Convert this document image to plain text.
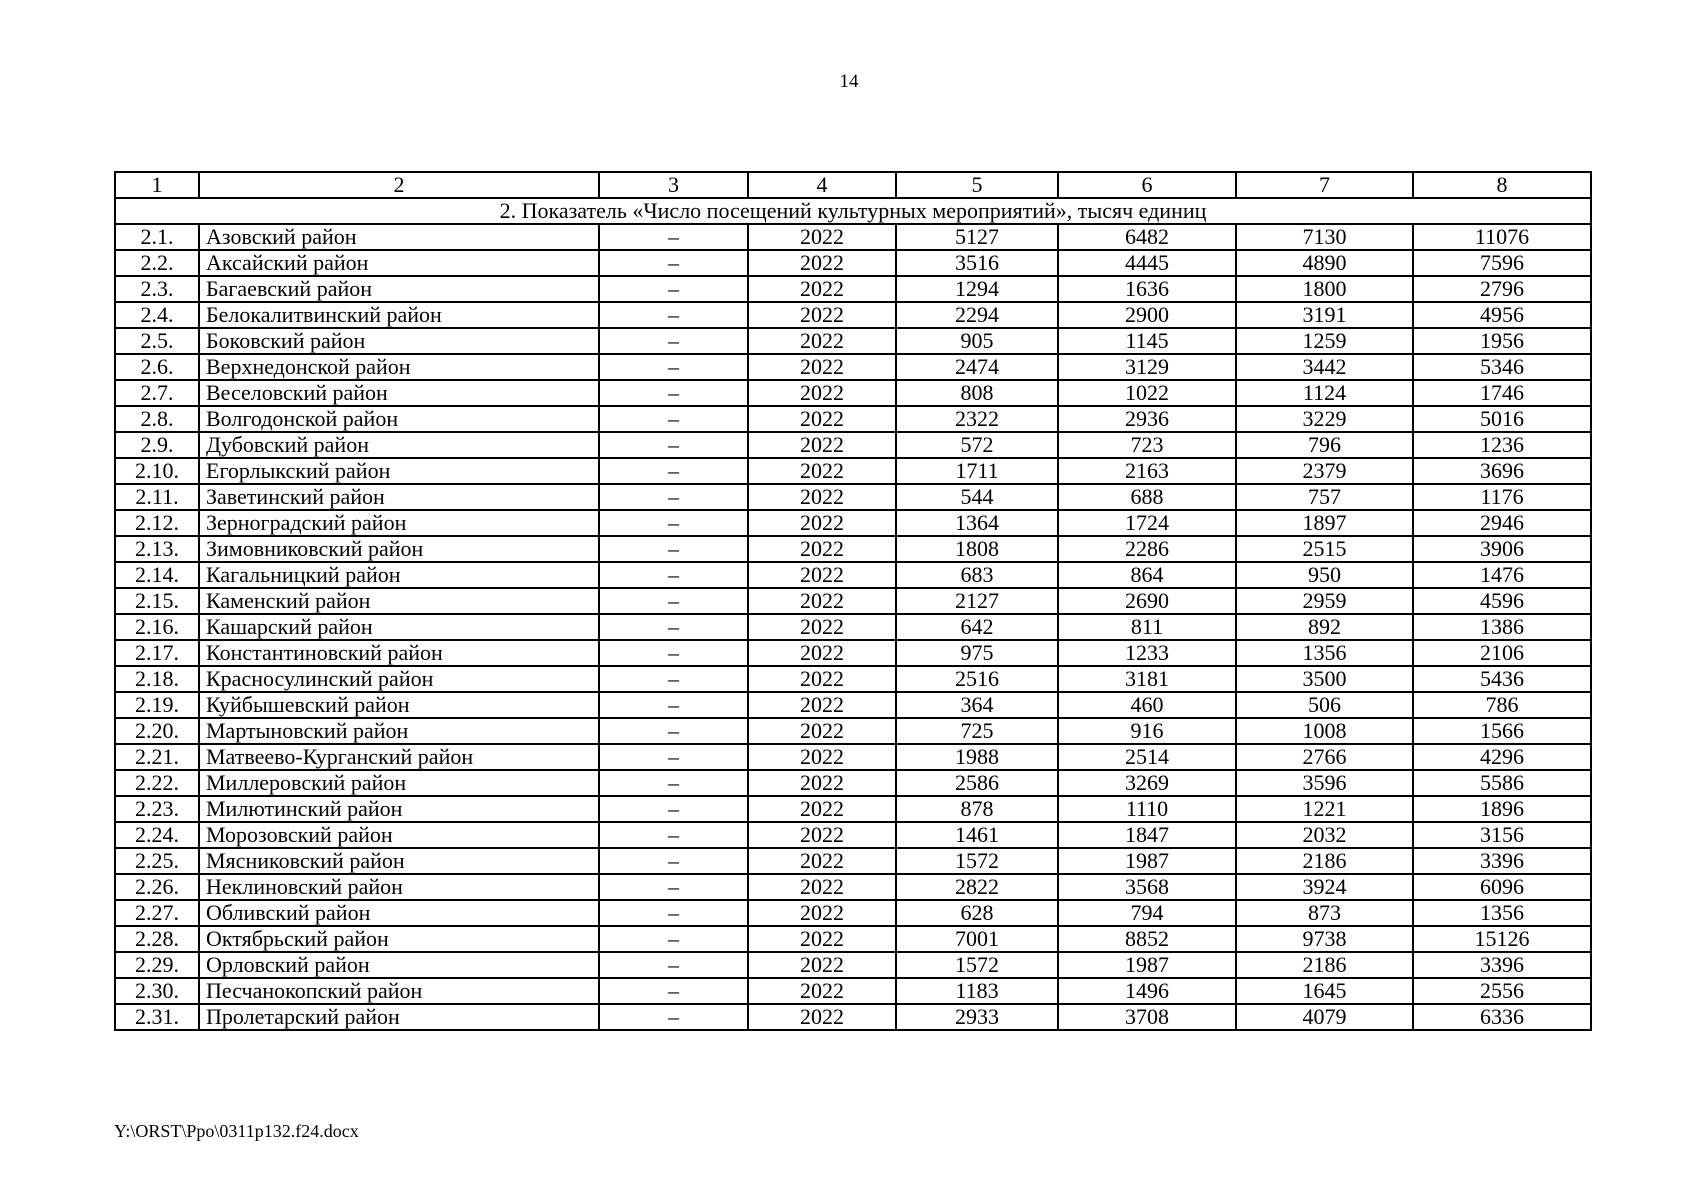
14
1	2	3	4	5	6	7	8
2. Показатель «Число посещений культурных мероприятий», тысяч единиц							
2.1.	Азовский район	–	2022	5127	6482	7130	11076
2.2.	Аксайский район	–	2022	3516	4445	4890	7596
2.3.	Багаевский район	–	2022	1294	1636	1800	2796
2.4.	Белокалитвинский район	–	2022	2294	2900	3191	4956
2.5.	Боковский район	–	2022	905	1145	1259	1956
2.6.	Верхнедонской район	–	2022	2474	3129	3442	5346
2.7.	Веселовский район	–	2022	808	1022	1124	1746
2.8.	Волгодонской район	–	2022	2322	2936	3229	5016
2.9.	Дубовский район	–	2022	572	723	796	1236
2.10.	Егорлыкский район	–	2022	1711	2163	2379	3696
2.11.	Заветинский район	–	2022	544	688	757	1176
2.12.	Зерноградский район	–	2022	1364	1724	1897	2946
2.13.	Зимовниковский район	–	2022	1808	2286	2515	3906
2.14.	Кагальницкий район	–	2022	683	864	950	1476
2.15.	Каменский район	–	2022	2127	2690	2959	4596
2.16.	Кашарский район	–	2022	642	811	892	1386
2.17.	Константиновский район	–	2022	975	1233	1356	2106
2.18.	Красносулинский район	–	2022	2516	3181	3500	5436
2.19.	Куйбышевский район	–	2022	364	460	506	786
2.20.	Мартыновский район	–	2022	725	916	1008	1566
2.21.	Матвеево-Курганский район	–	2022	1988	2514	2766	4296
2.22.	Миллеровский район	–	2022	2586	3269	3596	5586
2.23.	Милютинский район	–	2022	878	1110	1221	1896
2.24.	Морозовский район	–	2022	1461	1847	2032	3156
2.25.	Мясниковский район	–	2022	1572	1987	2186	3396
2.26.	Неклиновский район	–	2022	2822	3568	3924	6096
2.27.	Обливский район	–	2022	628	794	873	1356
2.28.	Октябрьский район	–	2022	7001	8852	9738	15126
2.29.	Орловский район	–	2022	1572	1987	2186	3396
2.30.	Песчанокопский район	–	2022	1183	1496	1645	2556
2.31.	Пролетарский район	–	2022	2933	3708	4079	6336
Y:\ORST\Ppo\0311p132.f24.docx
